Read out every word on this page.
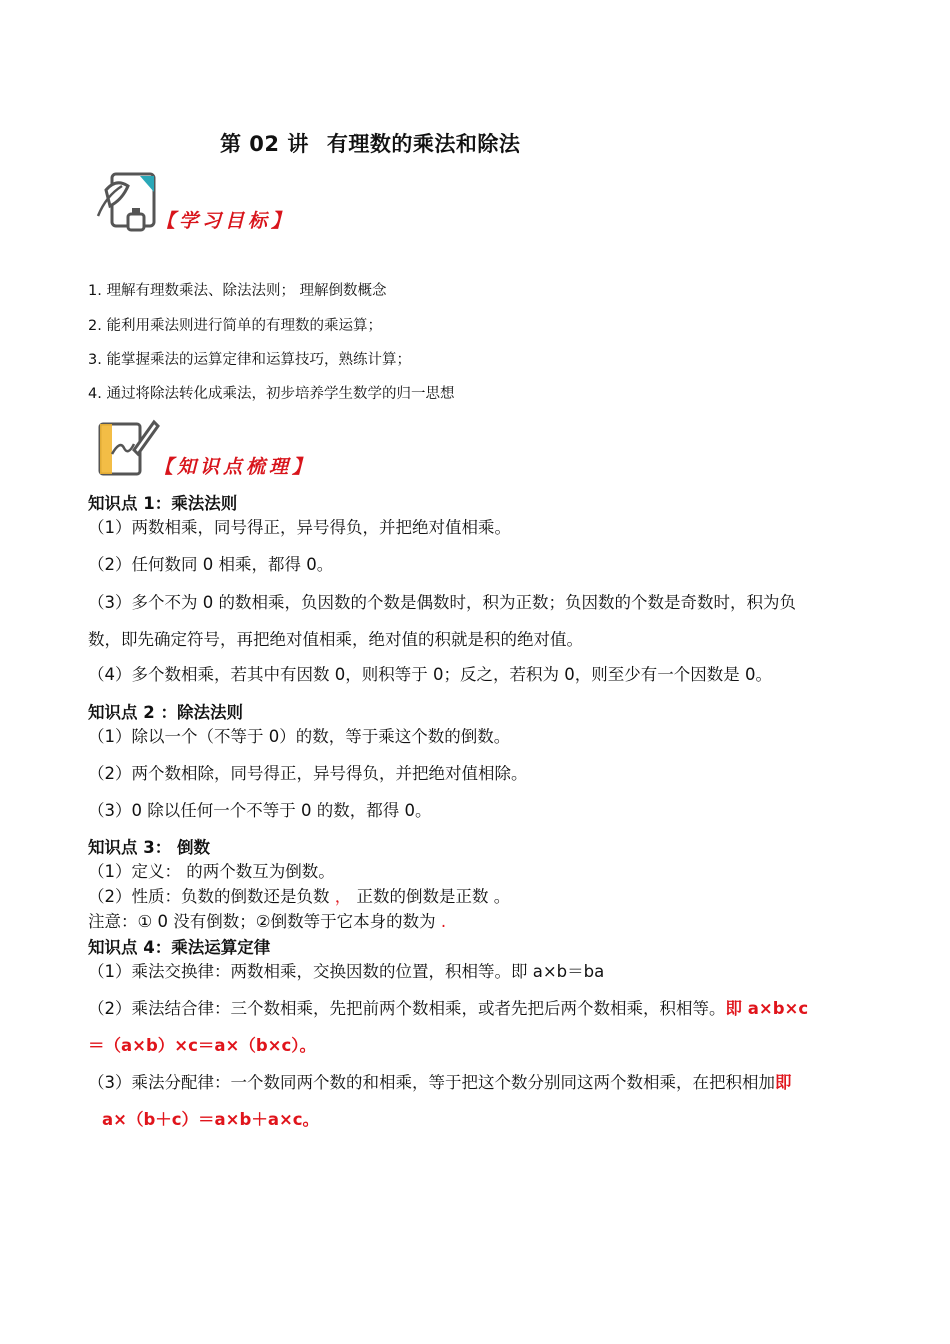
第 02 讲 有理数的乘法和除法
【学习目标】
1. 理解有理数乘法、除法法则； 理解倒数概念
2. 能利用乘法则进行简单的有理数的乘运算；
3. 能掌握乘法的运算定律和运算技巧，熟练计算；
4. 通过将除法转化成乘法，初步培养学生数学的归一思想
【知识点梳理】
知识点 1：乘法法则
（1）两数相乘，同号得正，异号得负，并把绝对值相乘。
（2）任何数同 0 相乘，都得 0。
（3）多个不为 0 的数相乘，负因数的个数是偶数时，积为正数；负因数的个数是奇数时，积为负
数，即先确定符号，再把绝对值相乘，绝对值的积就是积的绝对值。
（4）多个数相乘，若其中有因数 0，则积等于 0；反之，若积为 0，则至少有一个因数是 0。
知识点 2 ：除法法则
（1）除以一个（不等于 0）的数，等于乘这个数的倒数。
（2）两个数相除，同号得正，异号得负，并把绝对值相除。
（3）0 除以任何一个不等于 0 的数，都得 0。
知识点 3： 倒数
（1）定义： 的两个数互为倒数。
（2）性质：负数的倒数还是负数 ， 正数的倒数是正数 。
注意：① 0 没有倒数；②倒数等于它本身的数为 .
知识点 4：乘法运算定律
（1）乘法交换律：两数相乘，交换因数的位置，积相等。即 a×b＝ba
（2）乘法结合律：三个数相乘，先把前两个数相乘，或者先把后两个数相乘，积相等。即 a×b×c
＝（a×b）×c＝a×（b×c）。
（3）乘法分配律：一个数同两个数的和相乘，等于把这个数分别同这两个数相乘，在把积相加即
a×（b＋c）＝a×b＋a×c。
